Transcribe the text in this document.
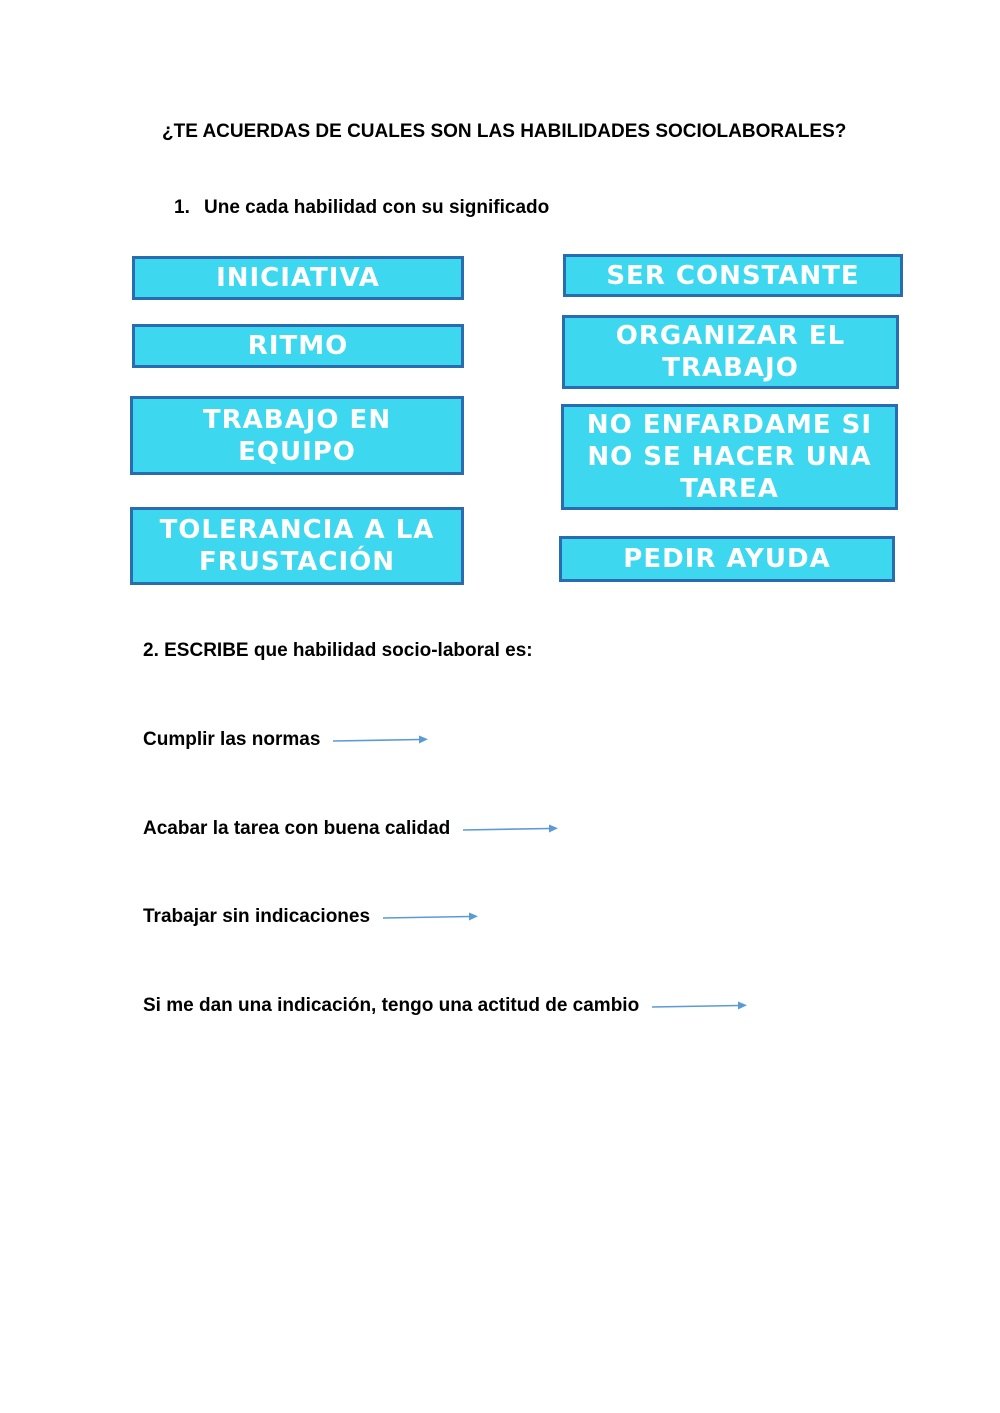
¿TE ACUERDAS DE CUALES SON LAS HABILIDADES SOCIOLABORALES?
1. Une cada habilidad con su significado
INICIATIVA
RITMO
TRABAJO EN EQUIPO
TOLERANCIA A LA FRUSTACIÓN
SER CONSTANTE
ORGANIZAR EL TRABAJO
NO ENFARDAME SI NO SE HACER UNA TAREA
PEDIR AYUDA
2. ESCRIBE que habilidad socio-laboral es:
Cumplir las normas
Acabar la tarea con buena calidad
Trabajar sin indicaciones
Si me dan una indicación, tengo una actitud de cambio
